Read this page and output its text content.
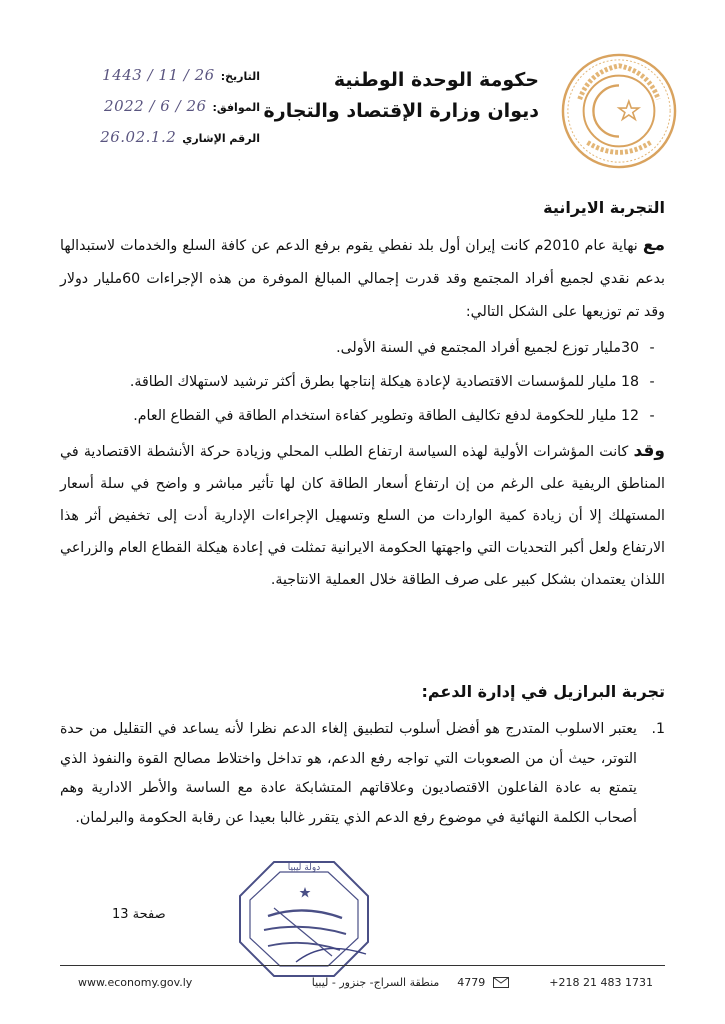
حكومة الوحدة الوطنية
ديوان وزارة الإقتصاد والتجارة
التاريخ:
1443 / 11 / 26
الموافق:
2022 / 6 / 26
الرقم الإشاري
26.02.1.2
التجربة الايرانية
مع نهاية عام 2010م كانت إيران أول بلد نفطي يقوم برفع الدعم عن كافة السلع والخدمات لاستبدالها بدعم نقدي لجميع أفراد المجتمع وقد قدرت إجمالي المبالغ الموفرة من هذه الإجراءات 60مليار دولار وقد تم توزيعها على الشكل التالي:
-
30مليار توزع لجميع أفراد المجتمع في السنة الأولى.
-
18 مليار للمؤسسات الاقتصادية لإعادة هيكلة إنتاجها بطرق أكثر ترشيد لاستهلاك الطاقة.
-
12 مليار للحكومة لدفع تكاليف الطاقة وتطوير كفاءة استخدام الطاقة في القطاع العام.
وقد كانت المؤشرات الأولية لهذه السياسة ارتفاع الطلب المحلي وزيادة حركة الأنشطة الاقتصادية في المناطق الريفية على الرغم من إن ارتفاع أسعار الطاقة كان لها تأثير مباشر و واضح في سلة أسعار المستهلك إلا أن زيادة كمية الواردات من السلع وتسهيل الإجراءات الإدارية أدت إلى تخفيض أثر هذا الارتفاع ولعل أكبر التحديات التي واجهتها الحكومة الايرانية تمثلت في إعادة هيكلة القطاع العام والزراعي اللذان يعتمدان بشكل كبير على صرف الطاقة خلال العملية الانتاجية.
تجربة البرازيل في إدارة الدعم:
1.
يعتبر الاسلوب المتدرج هو أفضل أسلوب لتطبيق إلغاء الدعم نظرا لأنه يساعد في التقليل من حدة التوتر، حيث أن من الصعوبات التي تواجه رفع الدعم، هو تداخل واختلاط مصالح القوة والنفوذ الذي يتمتع به عادة الفاعلون الاقتصاديون وعلاقاتهم المتشابكة عادة مع الساسة والأطر الادارية وهم أصحاب الكلمة النهائية في موضوع رفع الدعم الذي يتقرر غالبا بعيدا عن رقابة الحكومة والبرلمان.
دولة ليبيا
صفحة 13
www.economy.gov.ly	منطقة السراج- جنزور - ليبيا 4779	+218 21 483 1731
